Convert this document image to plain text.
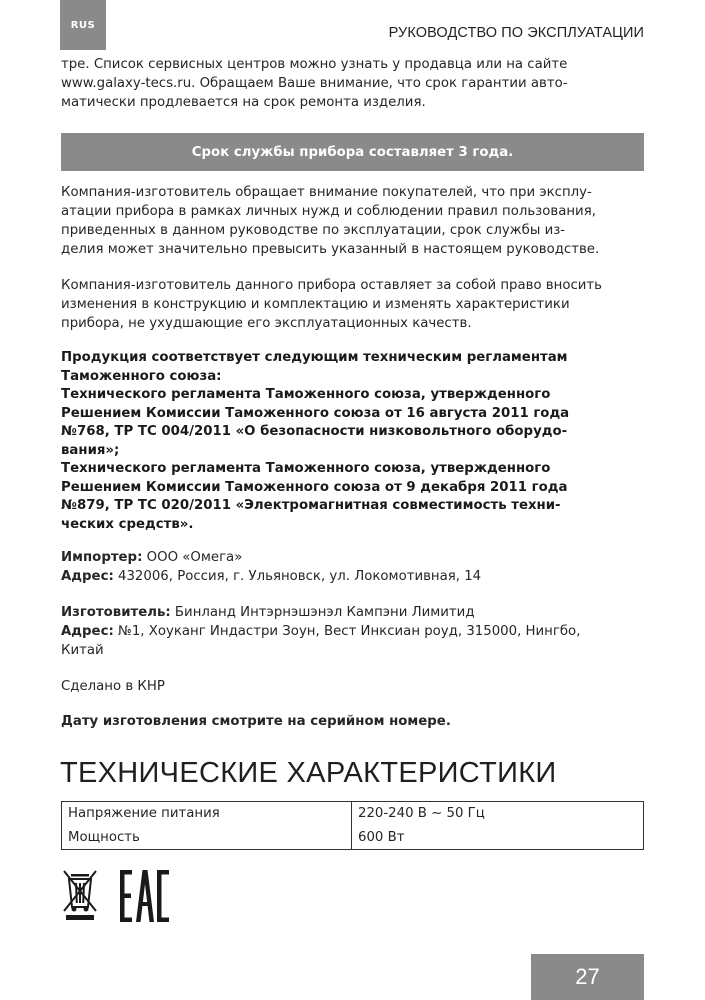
RUS	РУКОВОДСТВО ПО ЭКСПЛУАТАЦИИ
тре. Список сервисных центров можно узнать у продавца или на сайте
www.galaxy-tecs.ru. Обращаем Ваше внимание, что срок гарантии авто-
матически продлевается на срок ремонта изделия.
Срок службы прибора составляет 3 года.
Компания-изготовитель обращает внимание покупателей, что при эксплу-
атации прибора в рамках личных нужд и соблюдении правил пользования,
приведенных в данном руководстве по эксплуатации, срок службы из-
делия может значительно превысить указанный в настоящем руководстве.
Компания-изготовитель данного прибора оставляет за собой право вносить
изменения в конструкцию и комплектацию и изменять характеристики
прибора, не ухудшающие его эксплуатационных качеств.
Продукция соответствует следующим техническим регламентам
Таможенного союза:
Технического регламента Таможенного союза, утвержденного
Решением Комиссии Таможенного союза от 16 августа 2011 года
№768, ТР ТС 004/2011 «О безопасности низковольтного оборудо-
вания»;
Технического регламента Таможенного союза, утвержденного
Решением Комиссии Таможенного союза от 9 декабря 2011 года
№879, ТР ТС 020/2011 «Электромагнитная совместимость техни-
ческих средств».
Импортер: ООО «Омега»
Адрес: 432006, Россия, г. Ульяновск, ул. Локомотивная, 14
Изготовитель: Бинланд Интэрнэшэнэл Кампэни Лимитид
Адрес: №1, Хоуканг Индастри Зоун, Вест Инксиан роуд, 315000, Нингбо,
Китай
Сделано в КНР
Дату изготовления смотрите на серийном номере.
ТЕХНИЧЕСКИЕ ХАРАКТЕРИСТИКИ
Напряжение питания	220-240 В ~ 50 Гц
Мощность	600 Вт
27
